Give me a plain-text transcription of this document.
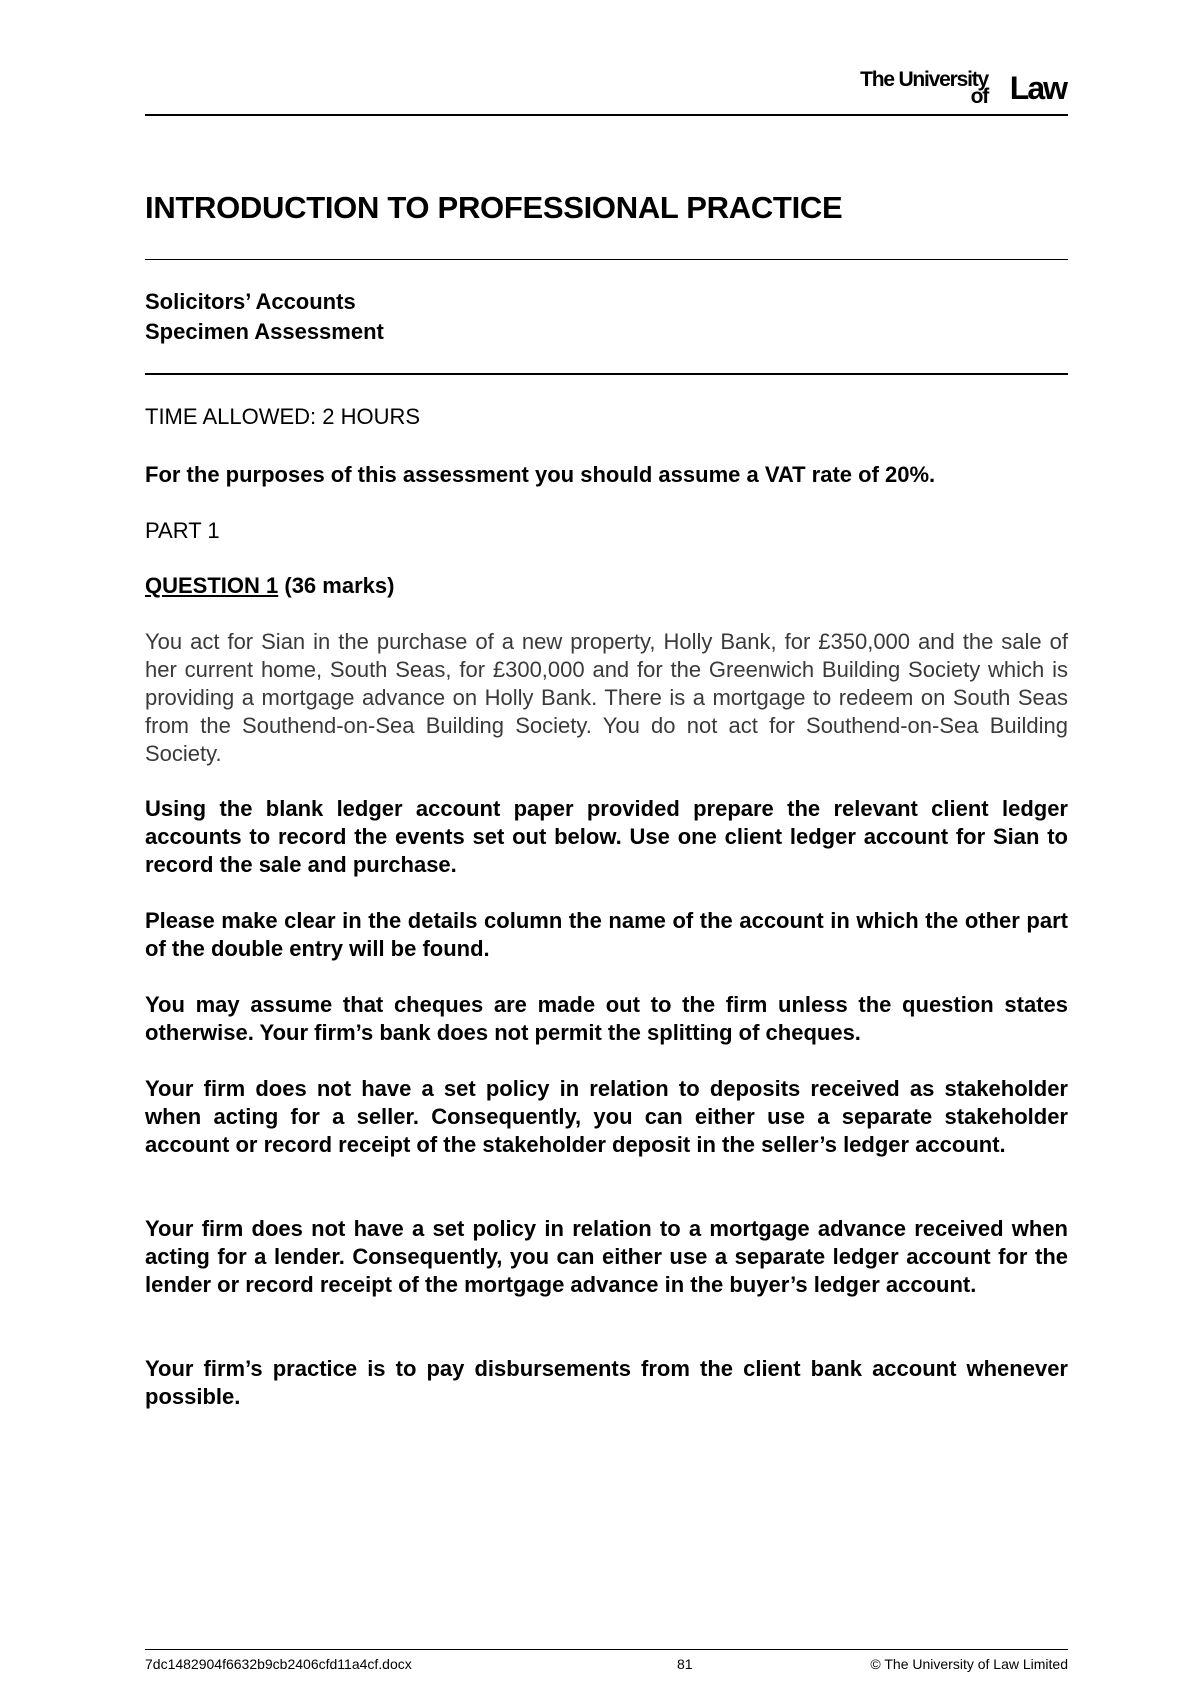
The University
of Law
INTRODUCTION TO PROFESSIONAL PRACTICE
Solicitors’ Accounts
Specimen Assessment
TIME ALLOWED: 2 HOURS
For the purposes of this assessment you should assume a VAT rate of 20%.
PART 1
QUESTION 1 (36 marks)
You act for Sian in the purchase of a new property, Holly Bank, for £350,000 and the sale of her current home, South Seas, for £300,000 and for the Greenwich Building Society which is providing a mortgage advance on Holly Bank. There is a mortgage to redeem on South Seas from the Southend-on-Sea Building Society. You do not act for Southend-on-Sea Building Society.
Using the blank ledger account paper provided prepare the relevant client ledger accounts to record the events set out below. Use one client ledger account for Sian to record the sale and purchase.
Please make clear in the details column the name of the account in which the other part of the double entry will be found.
You may assume that cheques are made out to the firm unless the question states otherwise. Your firm’s bank does not permit the splitting of cheques.
Your firm does not have a set policy in relation to deposits received as stakeholder when acting for a seller. Consequently, you can either use a separate stakeholder account or record receipt of the stakeholder deposit in the seller’s ledger account.
Your firm does not have a set policy in relation to a mortgage advance received when acting for a lender. Consequently, you can either use a separate ledger account for the lender or record receipt of the mortgage advance in the buyer’s ledger account.
Your firm’s practice is to pay disbursements from the client bank account whenever possible.
7dc1482904f6632b9cb2406cfd11a4cf.docx	81	© The University of Law Limited
